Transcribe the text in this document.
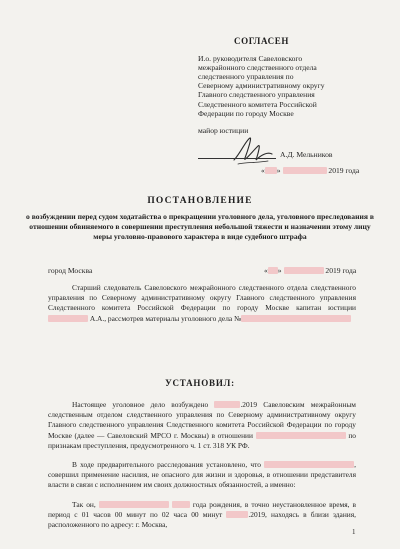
СОГЛАСЕН
И.о. руководителя Савеловского
межрайонного следственного отдела
следственного управления по
Северному административному округу
Главного следственного управления
Следственного комитета Российской
Федерации по городу Москве
майор юстиции
А.Д. Мельников
« »	2019 года
ПОСТАНОВЛЕНИЕ
о возбуждении перед судом ходатайства о прекращении уголовного дела, уголовного преследования в отношении обвиняемого в совершении преступления небольшой тяжести и назначении этому лицу меры уголовно-правового характера в виде судебного штрафа
город Москва	« »	2019 года
Старший следователь Савеловского межрайонного следственного отдела следственного управления по Северному административному округу Главного следственного управления Следственного комитета Российской Федерации по городу Москве капитан юстиции  А.А., рассмотрев материалы уголовного дела №
УСТАНОВИЛ:
Настоящее уголовное дело возбуждено	.2019 Савеловским межрайонным следственным отделом следственного управления по Северному административному округу Главного следственного управления Следственного комитета Российской Федерации по городу Москве (далее — Савеловский МРСО г. Москвы) в отношении	по признакам преступления, предусмотренного ч. 1 ст. 318 УК РФ.
В ходе предварительного расследования установлено, что	, совершил применение насилия, не опасного для жизни и здоровья, в отношении представителя власти в связи с исполнением им своих должностных обязанностей, а именно:
Так он,	года рождения, в точно неустановленное время, в период с 01 часов 00 минут по 02 часа 00 минут	.2019, находясь в близи здания, расположенного по адресу: г. Москва,
1
